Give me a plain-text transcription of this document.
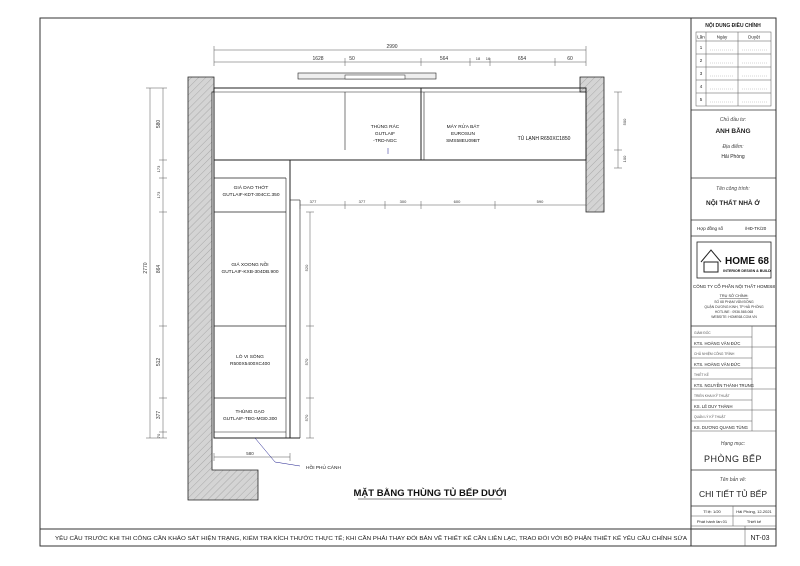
2990
1628	50	564	18 16	654	60
2770
580
173
173
864
512
377
70
520
570
570
377	377	300	600	590
500
100
580
THÙNG RÁC
GUTLAIF
-TRD-NGC
MÁY RỬA BÁT
EUROSUN
SMS58EU09BT	TỦ LẠNH R650XC1850
GIÁ DAO THỚT
GUTLAIF-KDT-304CC.350
GIÁ XOONG NỒI
GUTLAIF-KXB-304DB.900
LÒ VI SÓNG
R500X5400XC400
THÙNG GẠO
GUTLAIF-TĐG-MGĐ.300
HỒI PHỦ CÁNH
MẶT BẰNG THÙNG TỦ BẾP DƯỚI
YÊU CẦU TRƯỚC KHI THI CÔNG CẦN KHẢO SÁT HIỆN TRẠNG, KIỂM TRA KÍCH THƯỚC THỰC TẾ; KHI CẦN PHẢI THAY ĐỔI BẢN VẼ THIẾT KẾ CẦN LIÊN LẠC, TRAO ĐỔI VỚI BỘ PHẬN THIẾT KẾ YÊU CẦU CHỈNH SỬA
NỘI DUNG ĐIỀU CHỈNH
Lần	Ngày	Duyệt
1
2
3
4
5
Chủ đầu tư:
ANH BẰNG
Địa điểm:
Hải Phòng
Tên công trình:
NỘI THẤT NHÀ Ở
Hợp đồng số	/HĐ-TK/20
HOME 68
INTERIOR DESIGN & BUILD
CÔNG TY CỔ PHẦN NỘI THẤT HOME68
TRỤ SỞ CHÍNH:
SỐ 68 PHẠM VĂN ĐỒNG
QUẬN DƯƠNG KINH, TP HẢI PHÒNG
HOTLINE : 0936.565.068
WEBSITE: HOME68.COM.VN
GIÁM ĐỐC
KTS. HOÀNG VĂN ĐỨC
CHỦ NHIỆM CÔNG TRÌNH
KTS. HOÀNG VĂN ĐỨC
THIẾT KẾ
KTS. NGUYỄN THÀNH TRUNG
TRIỂN KHAI KỸ THUẬT
KS. LÊ DUY THÀNH
QUẢN LÝ KỸ THUẬT
KS. DƯƠNG QUANG TÙNG
Hạng mục:
PHÒNG BẾP
Tên bản vẽ:
CHI TIẾT TỦ BẾP
Tỉ lệ: 1/20	Hải Phòng, 12-2021
Phát hành lần 01	Thiết kế
NT-03
